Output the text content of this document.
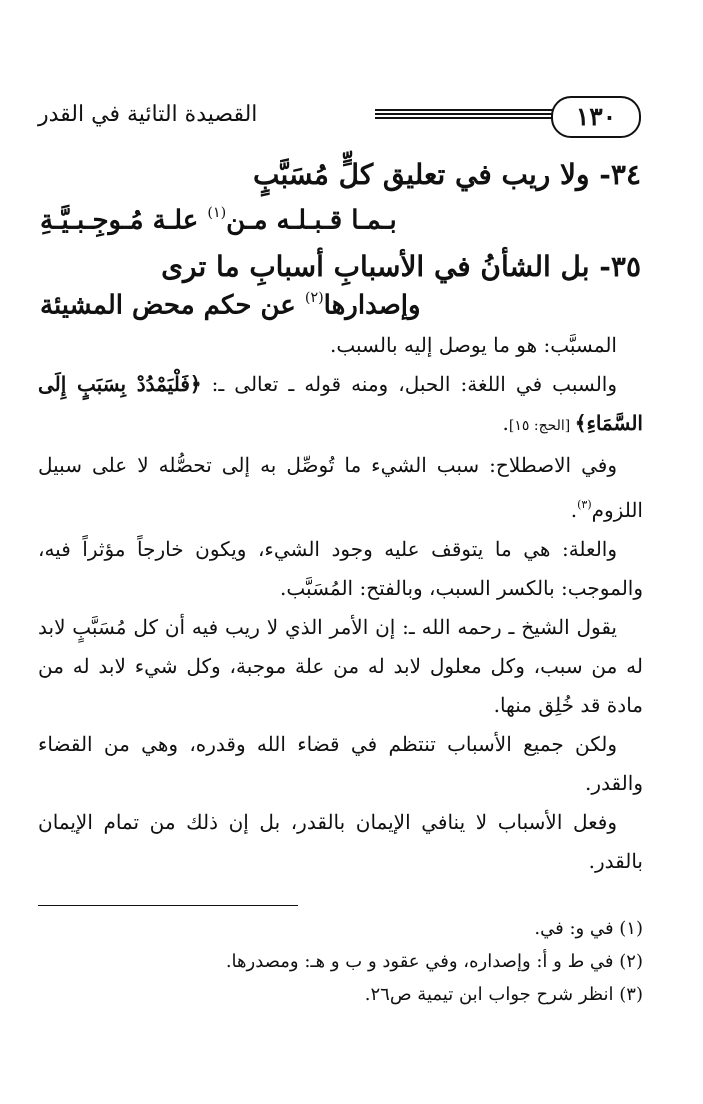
١٣٠
القصيدة التائية في القدر
٣٤- ولا ريب في تعليق كلٍّ مُسَبَّبٍ
بـمـا قـبـلـه مـن$^{(١)}$ علـة مُـوجِـبـيَّـةِ
٣٥- بل الشأنُ في الأسبابِ أسبابِ ما ترى
وإصدارها$^{(٢)}$ عن حكم محض المشيئة

المسبَّب: هو ما يوصل إليه بالسبب.

والسبب في اللغة: الحبل، ومنه قوله ـ تعالى ـ: ﴿فَلْيَمْدُدْ بِسَبَبٍ إِلَى السَّمَاءِ﴾ [الحج: ١٥].

وفي الاصطلاح: سبب الشيء ما تُوصِّل به إلى تحصُّله لا على سبيل اللزوم$^{(٣)}$.

والعلة: هي ما يتوقف عليه وجود الشيء، ويكون خارجاً مؤثراً فيه، والموجب: بالكسر السبب، وبالفتح: المُسَبَّب.

يقول الشيخ ـ رحمه الله ـ: إن الأمر الذي لا ريب فيه أن كل مُسَبَّبٍ لابد له من سبب، وكل معلول لابد له من علة موجبة، وكل شيء لابد له من مادة قد خُلِق منها.

ولكن جميع الأسباب تنتظم في قضاء الله وقدره، وهي من القضاء والقدر.

وفعل الأسباب لا ينافي الإيمان بالقدر، بل إن ذلك من تمام الإيمان بالقدر.

(١) في و: في.
(٢) في ط و أ: وإصداره، وفي عقود و ب و هـ: ومصدرها.
(٣) انظر شرح جواب ابن تيمية ص٢٦.
